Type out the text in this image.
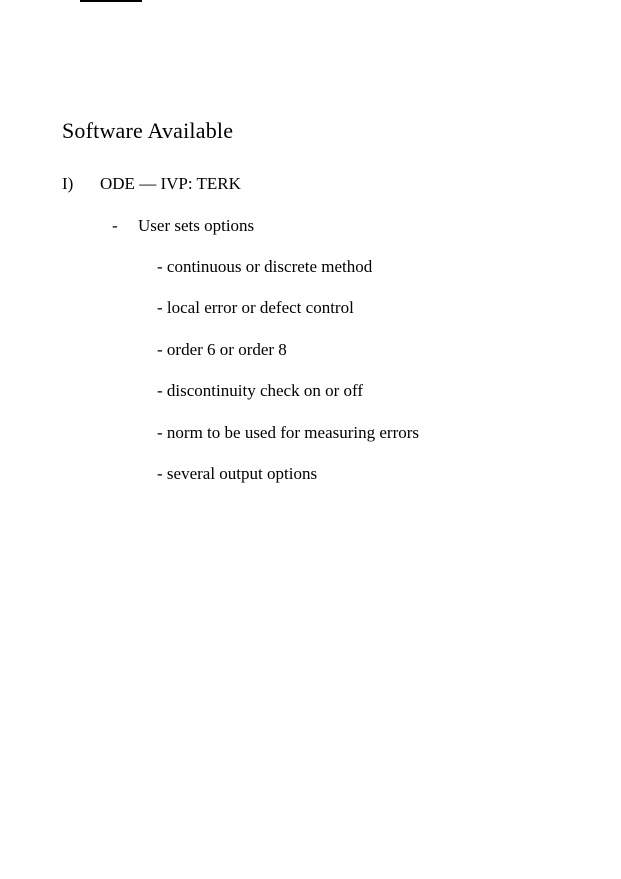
Software Available
I) ODE — IVP: TERK
- User sets options
- continuous or discrete method
- local error or defect control
- order 6 or order 8
- discontinuity check on or off
- norm to be used for measuring errors
- several output options
